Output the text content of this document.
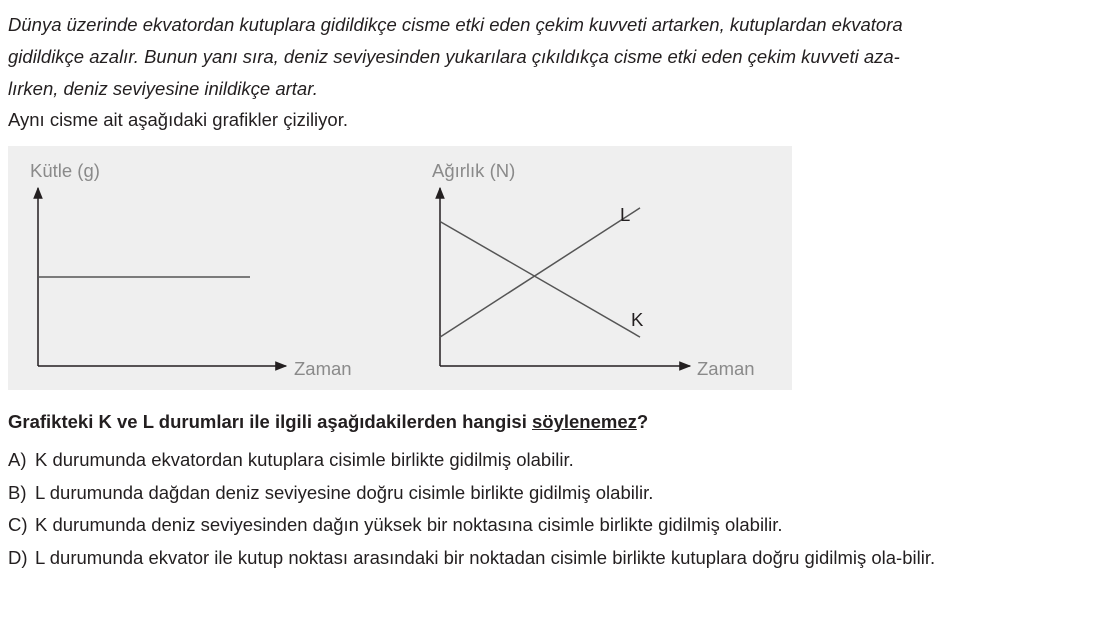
Dünya üzerinde ekvatordan kutuplara gidildikçe cisme etki eden çekim kuvveti artarken, kutuplardan ekvatora
gidildikçe azalır. Bunun yanı sıra, deniz seviyesinden yukarılara çıkıldıkça cisme etki eden çekim kuvveti aza-
lırken, deniz seviyesine inildikçe artar.

Aynı cisme ait aşağıdaki grafikler çiziliyor.

Kütle (g)
Zaman
Ağırlık (N)
Zaman
L
K

Grafikteki K ve L durumları ile ilgili aşağıdakilerden hangisi söylenemez?

A) K durumunda ekvatordan kutuplara cisimle birlikte gidilmiş olabilir.
B) L durumunda dağdan deniz seviyesine doğru cisimle birlikte gidilmiş olabilir.
C) K durumunda deniz seviyesinden dağın yüksek bir noktasına cisimle birlikte gidilmiş olabilir.
D) L durumunda ekvator ile kutup noktası arasındaki bir noktadan cisimle birlikte kutuplara doğru gidilmiş ola-bilir.
